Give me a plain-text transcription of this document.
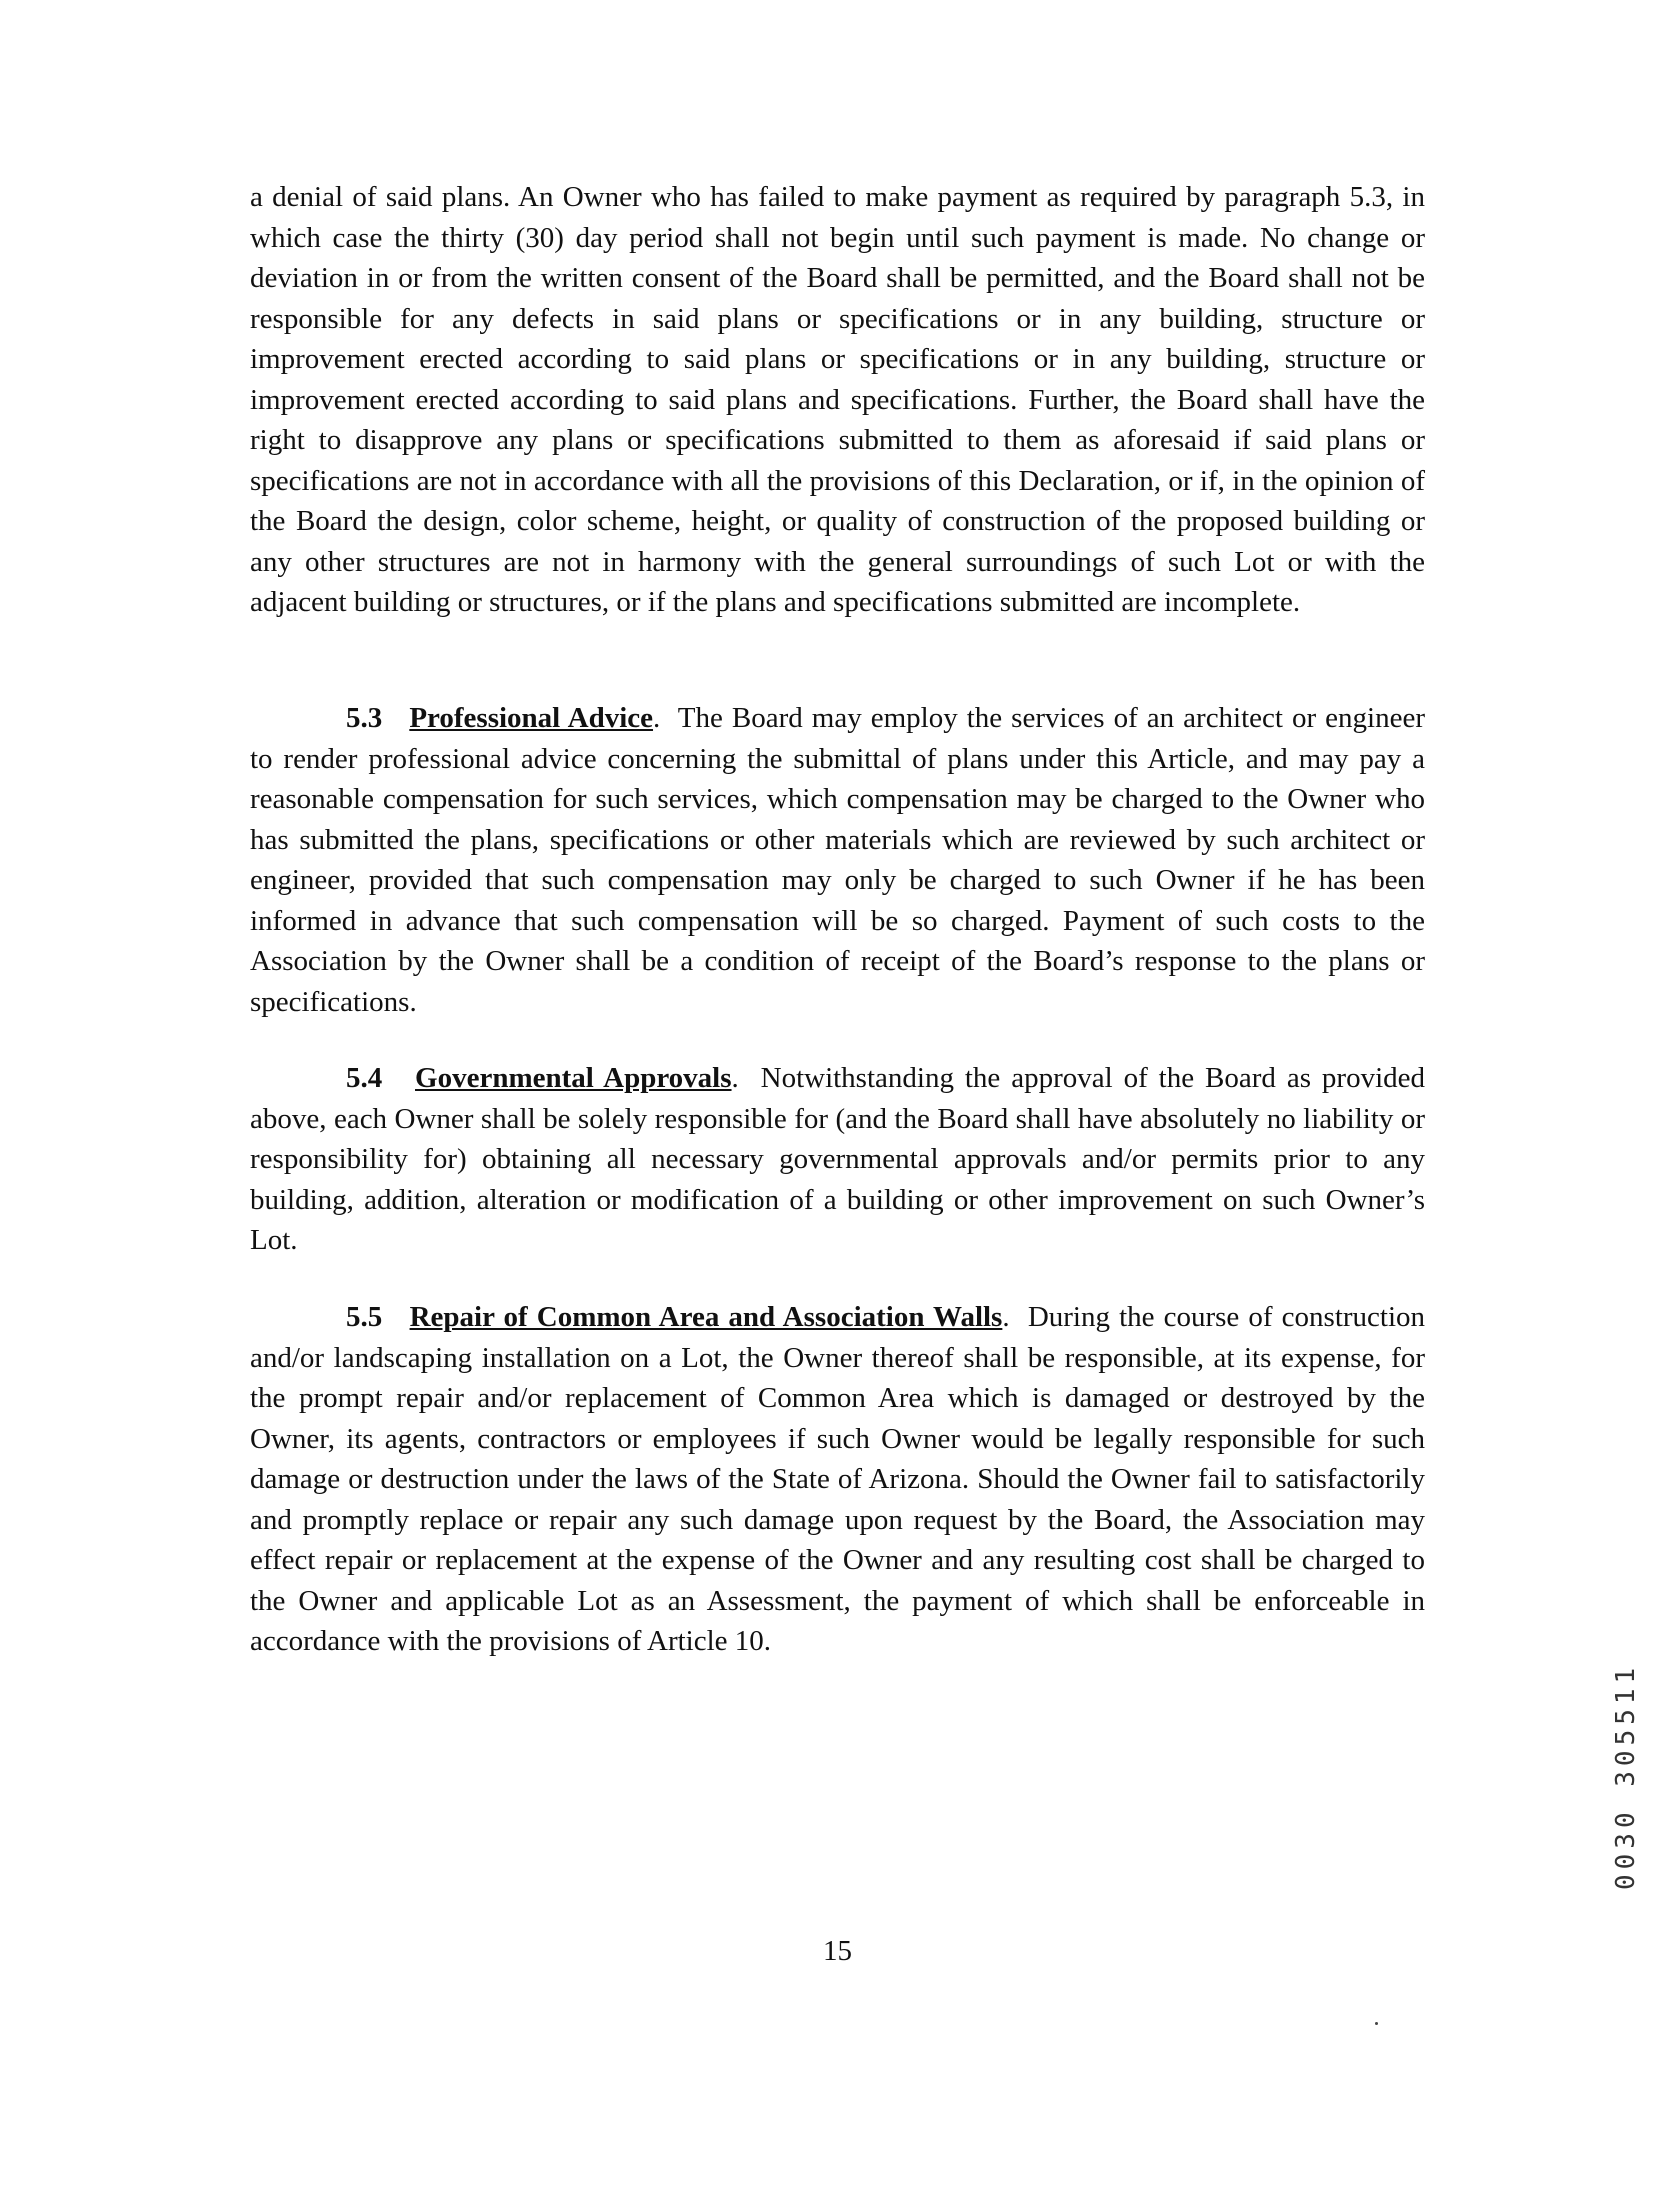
a denial of said plans. An Owner who has failed to make payment as required by paragraph 5.3, in which case the thirty (30) day period shall not begin until such payment is made. No change or deviation in or from the written consent of the Board shall be permitted, and the Board shall not be responsible for any defects in said plans or specifications or in any building, structure or improvement erected according to said plans or specifications or in any building, structure or improvement erected according to said plans and specifications. Further, the Board shall have the right to disapprove any plans or specifications submitted to them as aforesaid if said plans or specifications are not in accordance with all the provisions of this Declaration, or if, in the opinion of the Board the design, color scheme, height, or quality of construction of the proposed building or any other structures are not in harmony with the general surroundings of such Lot or with the adjacent building or structures, or if the plans and specifications submitted are incomplete.

5.3 Professional Advice.  The Board may employ the services of an architect or engineer to render professional advice concerning the submittal of plans under this Article, and may pay a reasonable compensation for such services, which compensation may be charged to the Owner who has submitted the plans, specifications or other materials which are reviewed by such architect or engineer, provided that such compensation may only be charged to such Owner if he has been informed in advance that such compensation will be so charged. Payment of such costs to the Association by the Owner shall be a condition of receipt of the Board’s response to the plans or specifications.

5.4 Governmental Approvals.  Notwithstanding the approval of the Board as provided above, each Owner shall be solely responsible for (and the Board shall have absolutely no liability or responsibility for) obtaining all necessary governmental approvals and/or permits prior to any building, addition, alteration or modification of a building or other improvement on such Owner’s Lot.

5.5 Repair of Common Area and Association Walls.  During the course of construction and/or landscaping installation on a Lot, the Owner thereof shall be responsible, at its expense, for the prompt repair and/or replacement of Common Area which is damaged or destroyed by the Owner, its agents, contractors or employees if such Owner would be legally responsible for such damage or destruction under the laws of the State of Arizona. Should the Owner fail to satisfactorily and promptly replace or repair any such damage upon request by the Board, the Association may effect repair or replacement at the expense of the Owner and any resulting cost shall be charged to the Owner and applicable Lot as an Assessment, the payment of which shall be enforceable in accordance with the provisions of Article 10.

0030 305511
15
